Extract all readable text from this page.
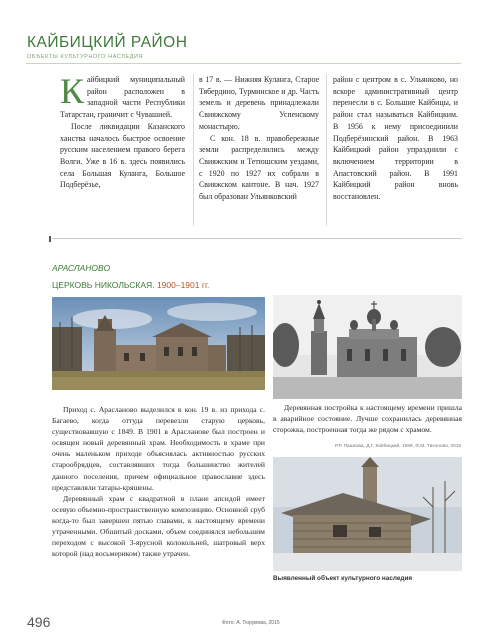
КАЙБИЦКИЙ РАЙОН
ОБЪЕКТЫ КУЛЬТУРНОГО НАСЛЕДИЯ
К айбицкий муниципальный район расположен в западной части Республики Татарстан, граничит с Чувашией.

После ликвидации Казанского ханства началось быстрое освоение русским населением правого берега Волги. Уже в 16 в. здесь появились села Большая Куланга, Большое Подберёзье,

в 17 в. — Нижняя Куланга, Старое Тябердино, Турминское и др. Часть земель и деревень принадлежали Свияжскому Успенскому монастырю.

С кон. 18 в. правобережные земли распределились между Свияжским и Тетюшским уездами, с 1920 по 1927 их собрали в Свияжском кантоне. В нач. 1927 был образован Ульянковский

район с центром в с. Ульянково, но вскоре административный центр перенесли в с. Большие Кайбицы, и район стал называться Кайбицким. В 1956 к нему присоединили Подберёзинский район. В 1963 Кайбицкий район упразднили с включением территории в Апастовский район. В 1991 Кайбицкий район вновь восстановлен.

АРАСЛАНОВО
ЦЕРКОВЬ НИКОЛЬСКАЯ. 1900–1901 гг.

Приход с. Арасланово выделился в кон. 19 в. из прихода с. Багаево, когда оттуда перевезли старую церковь, существовавшую с 1849. В 1901 в Арасланове был построен и освящен новый деревянный храм. Необходимость в храме при очень маленьком приходе объяснялась активностью русских старообрядцев, составлявших тогда большинство жителей данного поселения, причем официальное православие здесь представляли татары-кряшены.

Деревянный храм с квадратной в плане апсидой имеет осевую объемно-пространственную композицию. Основной сруб когда-то был завершен пятью главами, к настоящему времени утраченными. Обшитый досками, объем соединялся небольшим переходом с высокой 3-ярусной колокольней, шатровый верх которой (над восьмериком) также утрачен.

Деревянная постройка к настоящему времени пришла в аварийное состояние. Лучше сохранилась деревянная сторожка, построенная тогда же рядом с храмом.

Р.Р. Пашкова, Д.Г. Кайбицкий, 1999, Ф.М. Тихонова, 2018
Выявленный объект культурного наследия
496	Фото: А. Тюрумова, 2015
